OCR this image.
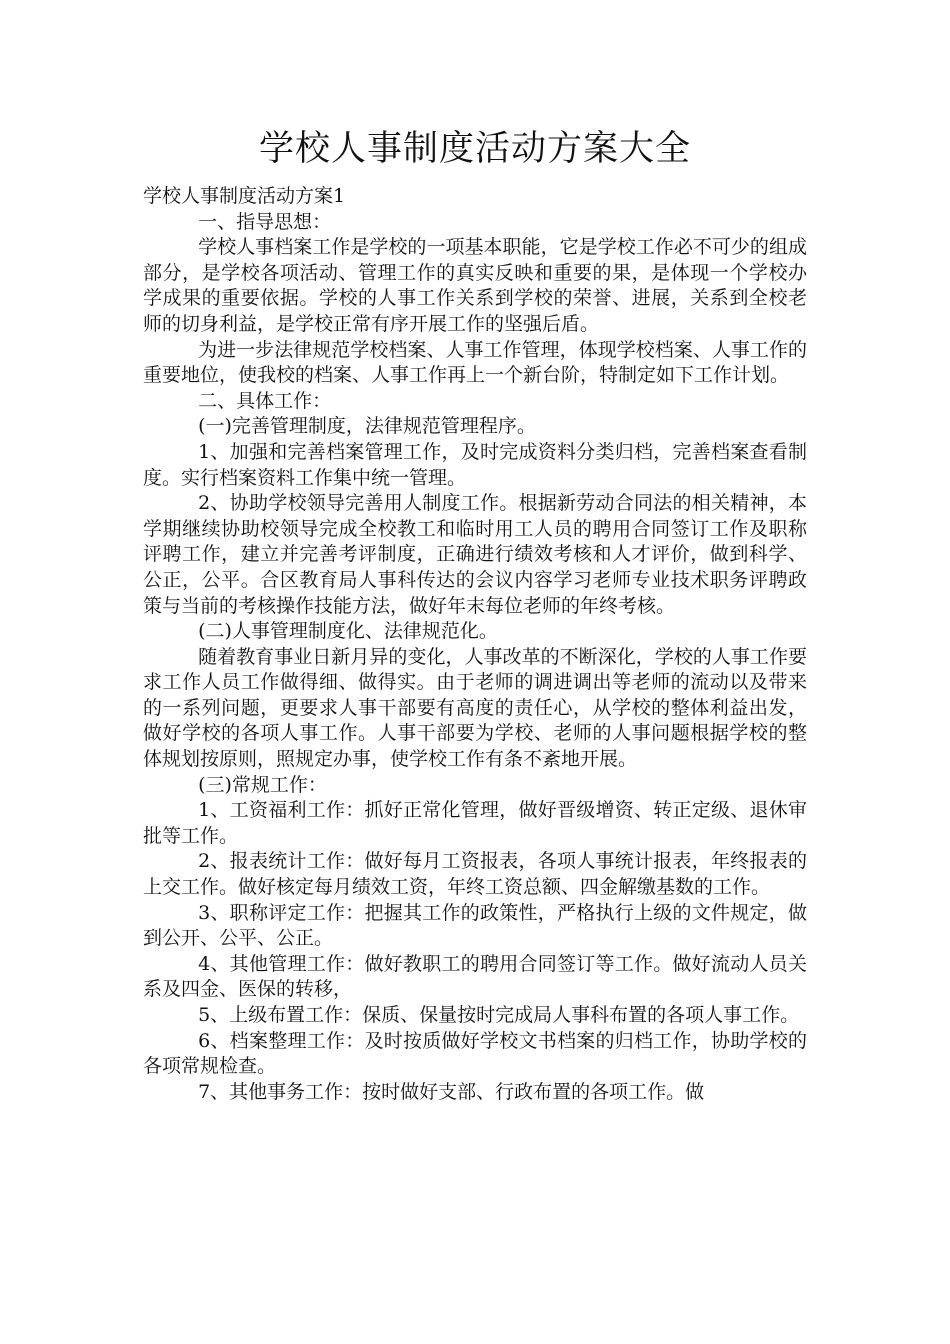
学校人事制度活动方案大全

学校人事制度活动方案1

一、指导思想：

学校人事档案工作是学校的一项基本职能，它是学校工作必不可少的组成部分，是学校各项活动、管理工作的真实反映和重要的果，是体现一个学校办学成果的重要依据。学校的人事工作关系到学校的荣誉、进展，关系到全校老师的切身利益，是学校正常有序开展工作的坚强后盾。

为进一步法律规范学校档案、人事工作管理，体现学校档案、人事工作的重要地位，使我校的档案、人事工作再上一个新台阶，特制定如下工作计划。

二、具体工作：

(一)完善管理制度，法律规范管理程序。

1、加强和完善档案管理工作，及时完成资料分类归档，完善档案查看制度。实行档案资料工作集中统一管理。

2、协助学校领导完善用人制度工作。根据新劳动合同法的相关精神，本学期继续协助校领导完成全校教工和临时用工人员的聘用合同签订工作及职称评聘工作，建立并完善考评制度，正确进行绩效考核和人才评价，做到科学、公正，公平。合区教育局人事科传达的会议内容学习老师专业技术职务评聘政策与当前的考核操作技能方法，做好年末每位老师的年终考核。

(二)人事管理制度化、法律规范化。

随着教育事业日新月异的变化，人事改革的不断深化，学校的人事工作要求工作人员工作做得细、做得实。由于老师的调进调出等老师的流动以及带来的一系列问题，更要求人事干部要有高度的责任心，从学校的整体利益出发，做好学校的各项人事工作。人事干部要为学校、老师的人事问题根据学校的整体规划按原则，照规定办事，使学校工作有条不紊地开展。

(三)常规工作：

1、工资福利工作：抓好正常化管理，做好晋级增资、转正定级、退休审批等工作。

2、报表统计工作：做好每月工资报表，各项人事统计报表，年终报表的上交工作。做好核定每月绩效工资，年终工资总额、四金解缴基数的工作。

3、职称评定工作：把握其工作的政策性，严格执行上级的文件规定，做到公开、公平、公正。

4、其他管理工作：做好教职工的聘用合同签订等工作。做好流动人员关系及四金、医保的转移，

5、上级布置工作：保质、保量按时完成局人事科布置的各项人事工作。

6、档案整理工作：及时按质做好学校文书档案的归档工作，协助学校的各项常规检查。

7、其他事务工作：按时做好支部、行政布置的各项工作。做
